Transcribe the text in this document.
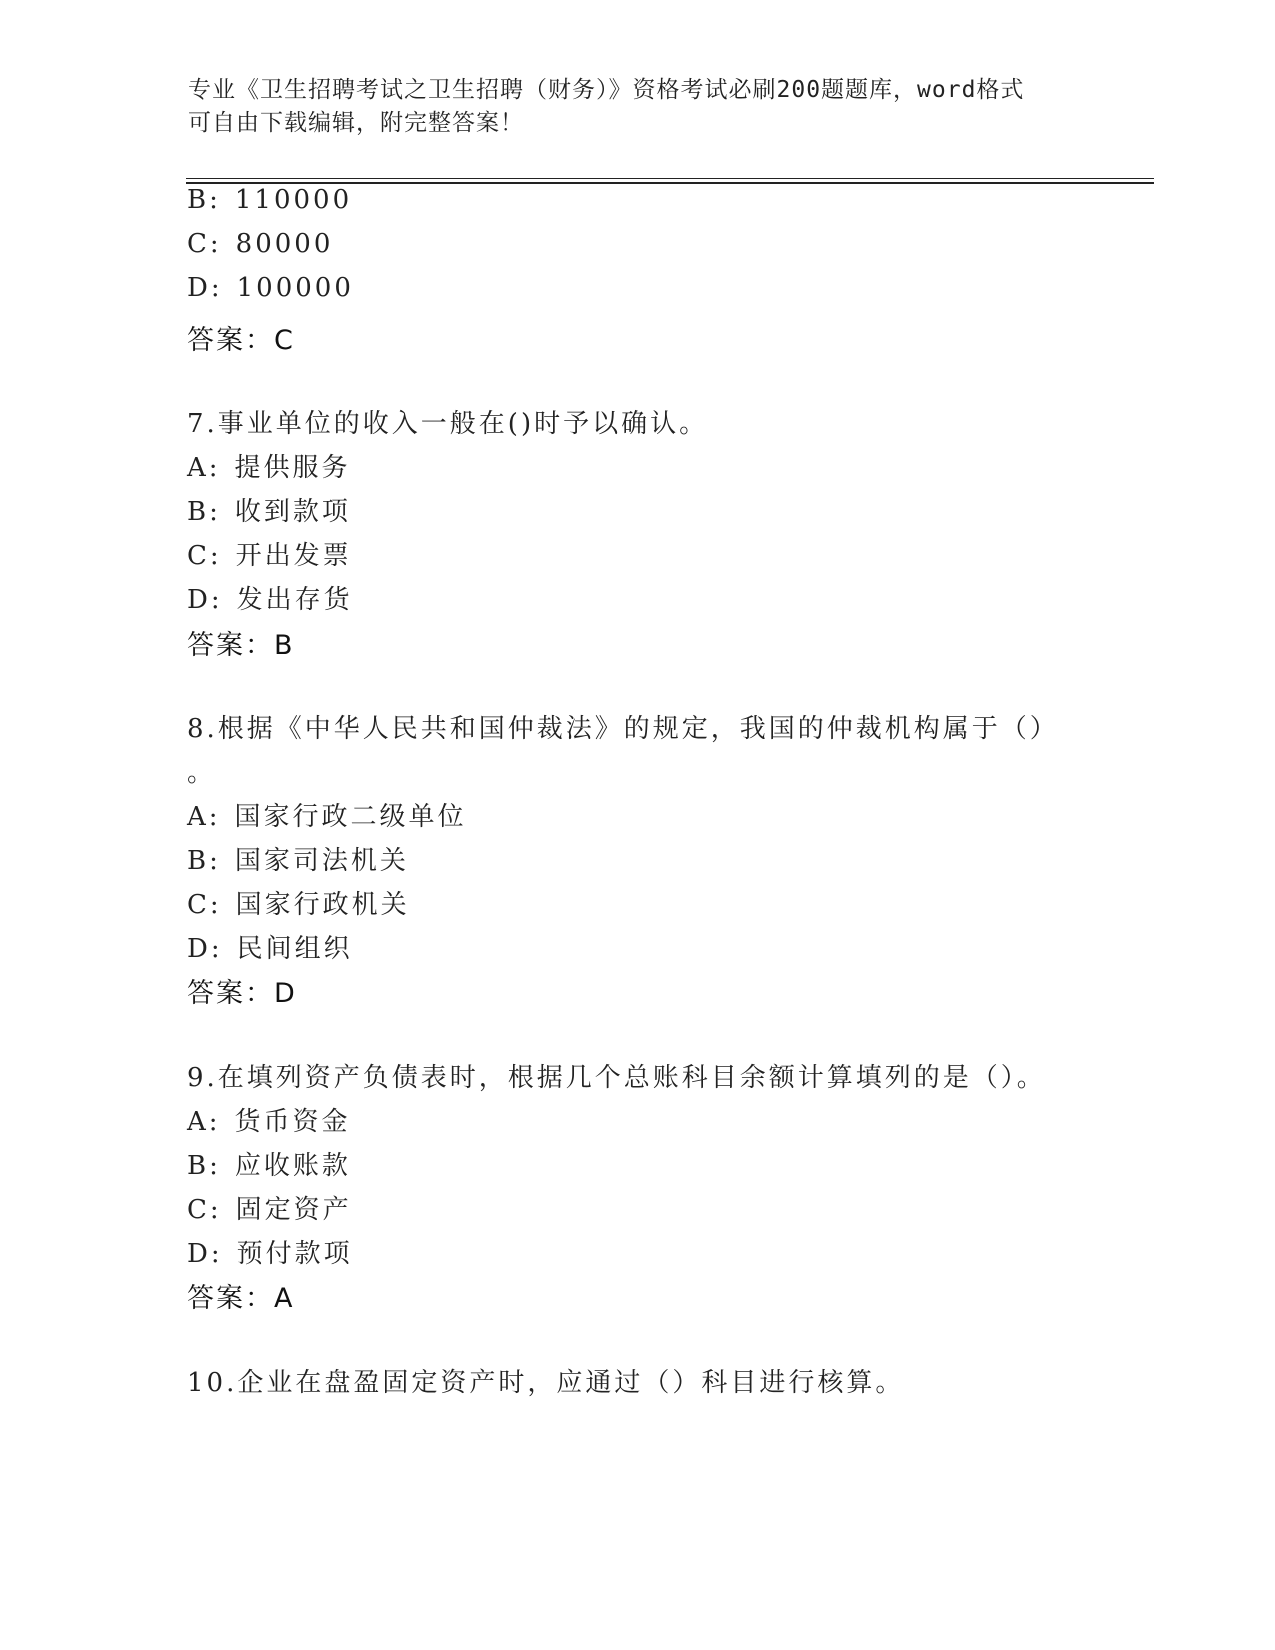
专业《卫生招聘考试之卫生招聘（财务）》资格考试必刷200题题库，word格式
可自由下载编辑，附完整答案！
B: 110000
C: 80000
D: 100000
答案：C
7.事业单位的收入一般在()时予以确认。
A: 提供服务
B: 收到款项
C: 开出发票
D: 发出存货
答案：B
8.根据《中华人民共和国仲裁法》的规定，我国的仲裁机构属于（）
。
A: 国家行政二级单位
B: 国家司法机关
C: 国家行政机关
D: 民间组织
答案：D
9.在填列资产负债表时，根据几个总账科目余额计算填列的是（）。
A: 货币资金
B: 应收账款
C: 固定资产
D: 预付款项
答案：A
10.企业在盘盈固定资产时，应通过（）科目进行核算。
